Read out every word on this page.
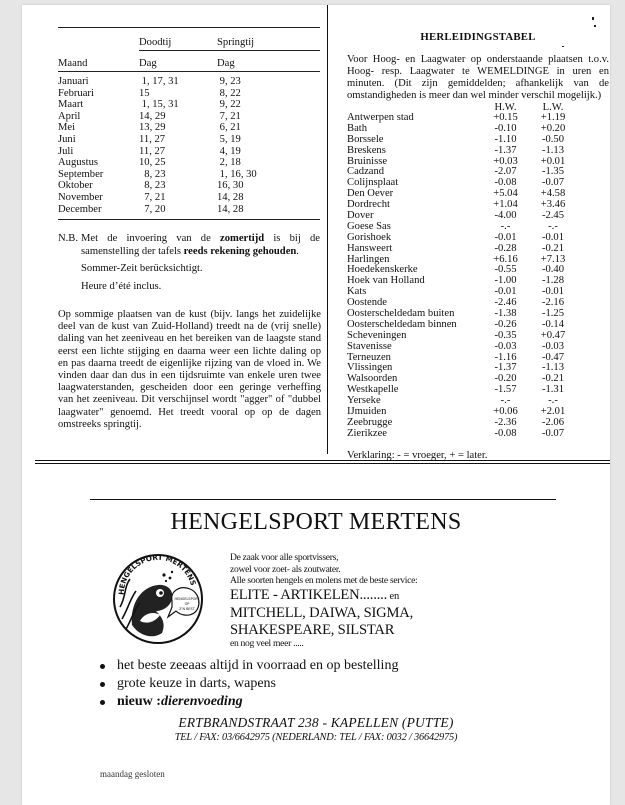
Doodtij	Springtij
Maand	Dag	Dag
Januari	1, 17, 31	9, 23
Februari	15	8, 22
Maart	1, 15, 31	9, 22
April	14, 29	7, 21
Mei	13, 29	6, 21
Juni	11, 27	5, 19
Juli	11, 27	4, 19
Augustus	10, 25	2, 18
September	8, 23	1, 16, 30
Oktober	8, 23	16, 30
November	7, 21	14, 28
December	7, 20	14, 28
N.B. Met de invoering van de zomertijd is bij de samenstelling der tafels reeds rekening gehouden.
Sommer-Zeit berücksichtigt.
Heure d’été inclus.
Op sommige plaatsen van de kust (bijv. langs het zuidelijke deel van de kust van Zuid-Holland) treedt na de (vrij snelle) daling van het zeeniveau en het bereiken van de laagste stand eerst een lichte stijging en daarna weer een lichte daling op en pas daarna treedt de eigenlijke rijzing van de vloed in. We vinden daar dan dus in een tijdsruimte van enkele uren twee laagwaterstanden, gescheiden door een geringe verheffing van het zeeniveau. Dit verschijnsel wordt "agger" of "dubbel laagwater" genoemd. Het treedt vooral op op de dagen omstreeks springtij.
HERLEIDINGSTABEL
Voor Hoog- en Laagwater op onderstaande plaatsen t.o.v. Hoog- resp. Laagwater te WEMELDINGE in uren en minuten. (Dit zijn gemiddelden; afhankelijk van de omstandigheden is meer dan wel minder verschil mogelijk.)
H.W.	L.W.
Antwerpen stad	+0.15	+1.19
Bath	-0.10	+0.20
Borssele	-1.10	-0.50
Breskens	-1.37	-1.13
Bruinisse	+0.03	+0.01
Cadzand	-2.07	-1.35
Colijnsplaat	-0.08	-0.07
Den Oever	+5.04	+4.58
Dordrecht	+1.04	+3.46
Dover	-4.00	-2.45
Goese Sas	-.-	-.-
Gorishoek	-0.01	-0.01
Hansweert	-0.28	-0.21
Harlingen	+6.16	+7.13
Hoedekenskerke	-0.55	-0.40
Hoek van Holland	-1.00	-1.28
Kats	-0.01	-0.01
Oostende	-2.46	-2.16
Oosterscheldedam buiten	-1.38	-1.25
Oosterscheldedam binnen	-0.26	-0.14
Scheveningen	-0.35	+0.47
Stavenisse	-0.03	-0.03
Terneuzen	-1.16	-0.47
Vlissingen	-1.37	-1.13
Walsoorden	-0.20	-0.21
Westkapelle	-1.57	-1.31
Yerseke	-.-	-.-
IJmuiden	+0.06	+2.01
Zeebrugge	-2.36	-2.06
Zierikzee	-0.08	-0.07
Verklaring: - = vroeger, + = later.
HENGELSPORT MERTENS
HENGELSPORT MERTENS
HENGELSPORT
OP
Z'N BEST
De zaak voor alle sportvissers,
zowel voor zoet- als zoutwater.
Alle soorten hengels en molens met de beste service:
ELITE - ARTIKELEN........ en
MITCHELL, DAIWA, SIGMA,
SHAKESPEARE, SILSTAR
en nog veel meer .....
het beste zeeaas altijd in voorraad en op bestelling
grote keuze in darts, wapens
nieuw : dierenvoeding
ERTBRANDSTRAAT 238 - KAPELLEN (PUTTE)
TEL / FAX: 03/6642975 (NEDERLAND: TEL / FAX: 0032 / 36642975)
maandag gesloten
